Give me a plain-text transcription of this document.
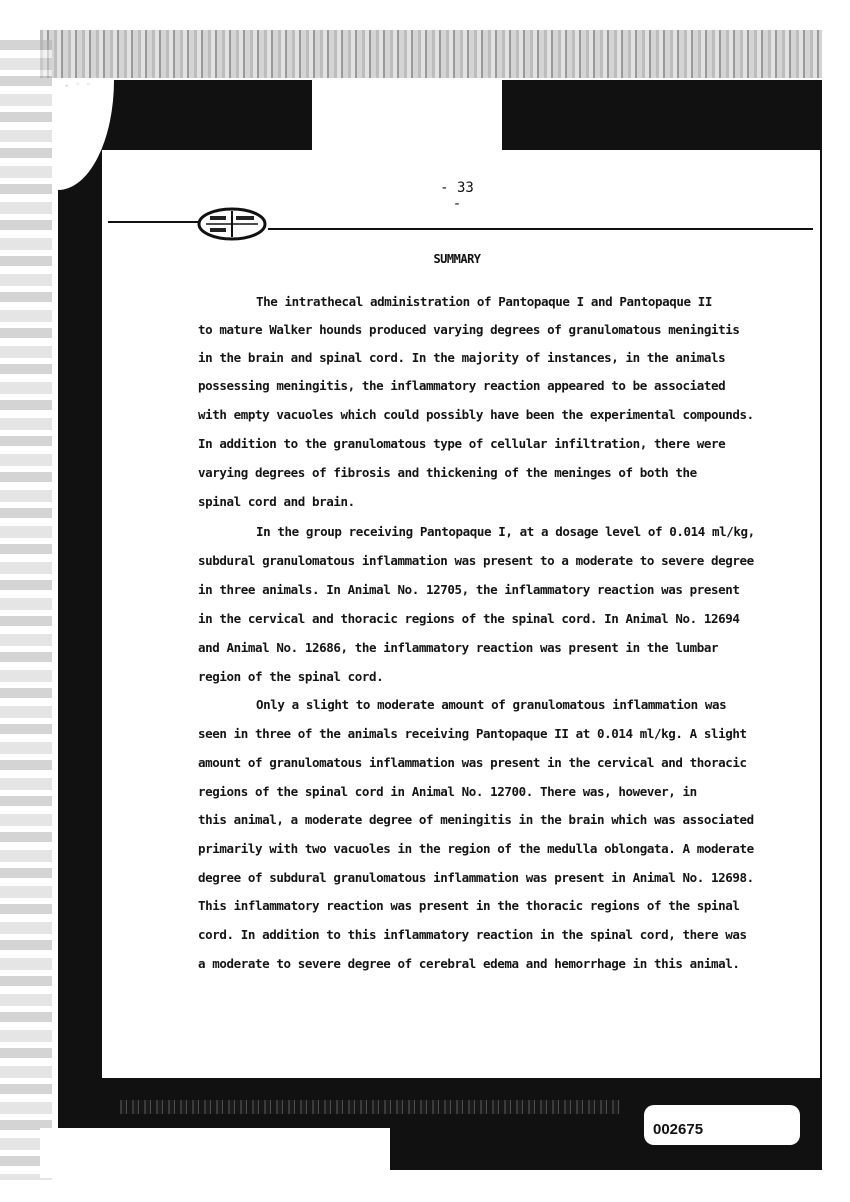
• ° °
- 33 -
SUMMARY
The intrathecal administration of Pantopaque I and Pantopaque II
to mature Walker hounds produced varying degrees of granulomatous meningitis
in the brain and spinal cord. In the majority of instances, in the animals
possessing meningitis, the inflammatory reaction appeared to be associated
with empty vacuoles which could possibly have been the experimental compounds.
In addition to the granulomatous type of cellular infiltration, there were
varying degrees of fibrosis and thickening of the meninges of both the
spinal cord and brain.
In the group receiving Pantopaque I, at a dosage level of 0.014 ml/kg,
subdural granulomatous inflammation was present to a moderate to severe degree
in three animals. In Animal No. 12705, the inflammatory reaction was present
in the cervical and thoracic regions of the spinal cord. In Animal No. 12694
and Animal No. 12686, the inflammatory reaction was present in the lumbar
region of the spinal cord.
Only a slight to moderate amount of granulomatous inflammation was
seen in three of the animals receiving Pantopaque II at 0.014 ml/kg. A slight
amount of granulomatous inflammation was present in the cervical and thoracic
regions of the spinal cord in Animal No. 12700. There was, however, in
this animal, a moderate degree of meningitis in the brain which was associated
primarily with two vacuoles in the region of the medulla oblongata. A moderate
degree of subdural granulomatous inflammation was present in Animal No. 12698.
This inflammatory reaction was present in the thoracic regions of the spinal
cord. In addition to this inflammatory reaction in the spinal cord, there was
a moderate to severe degree of cerebral edema and hemorrhage in this animal.
002675
